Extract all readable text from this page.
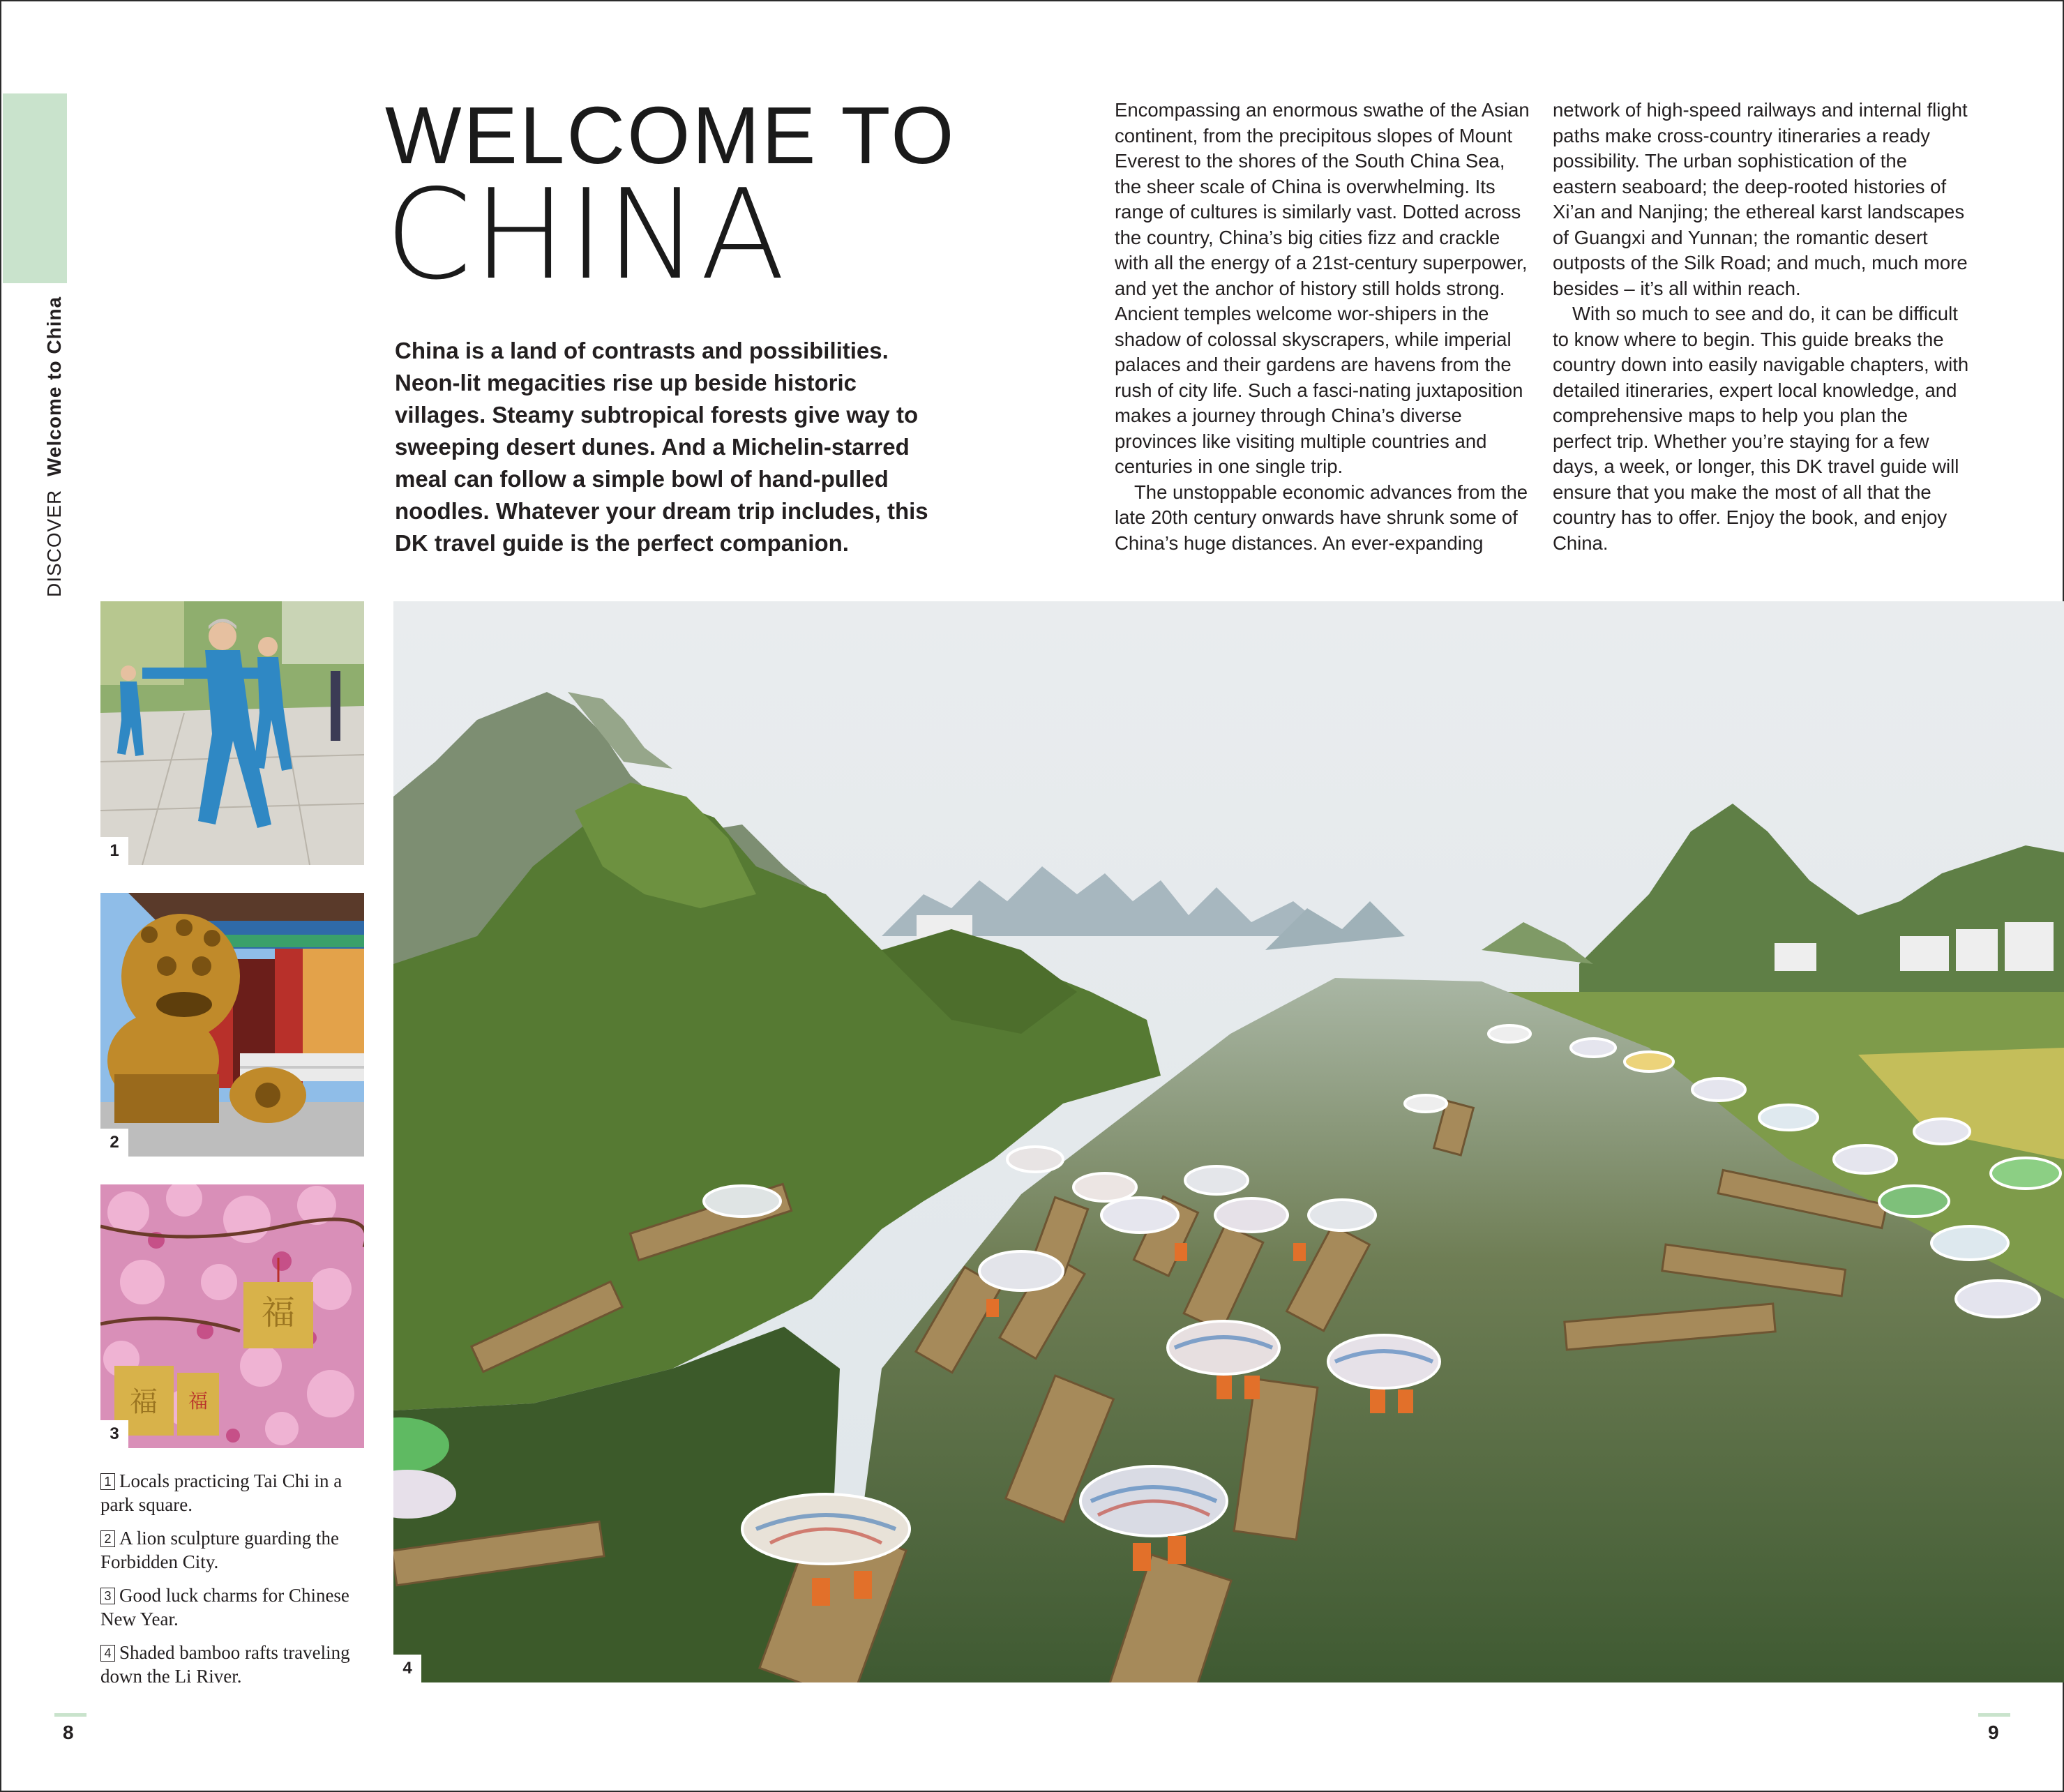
DISCOVER Welcome to China
WELCOME TO
CHINA
China is a land of contrasts and possibilities. Neon-lit megacities rise up beside historic villages. Steamy subtropical forests give way to sweeping desert dunes. And a Michelin-starred meal can follow a simple bowl of hand-pulled noodles. Whatever your dream trip includes, this DK travel guide is the perfect companion.

Encompassing an enormous swathe of the Asian continent, from the precipitous slopes of Mount Everest to the shores of the South China Sea, the sheer scale of China is overwhelming. Its range of cultures is similarly vast. Dotted across the country, China’s big cities fizz and crackle with all the energy of a 21st-century superpower, and yet the anchor of history still holds strong. Ancient temples welcome wor-shipers in the shadow of colossal skyscrapers, while imperial palaces and their gardens are havens from the rush of city life. Such a fasci-nating juxtaposition makes a journey through China’s diverse provinces like visiting multiple countries and centuries in one single trip.

The unstoppable economic advances from the late 20th century onwards have shrunk some of China’s huge distances. An ever-expanding

network of high-speed railways and internal flight paths make cross-country itineraries a ready possibility. The urban sophistication of the eastern seaboard; the deep-rooted histories of Xi’an and Nanjing; the ethereal karst landscapes of Guangxi and Yunnan; the romantic desert outposts of the Silk Road; and much, much more besides – it’s all within reach.

With so much to see and do, it can be difficult to know where to begin. This guide breaks the country down into easily navigable chapters, with detailed itineraries, expert local knowledge, and comprehensive maps to help you plan the perfect trip. Whether you’re staying for a few days, a week, or longer, this DK travel guide will ensure that you make the most of all that the country has to offer. Enjoy the book, and enjoy China.

1
2
福
福 福
3
4
1 Locals practicing Tai Chi in a park square.
2 A lion sculpture guarding the Forbidden City.
3 Good luck charms for Chinese New Year.
4 Shaded bamboo rafts traveling down the Li River.
8	9
